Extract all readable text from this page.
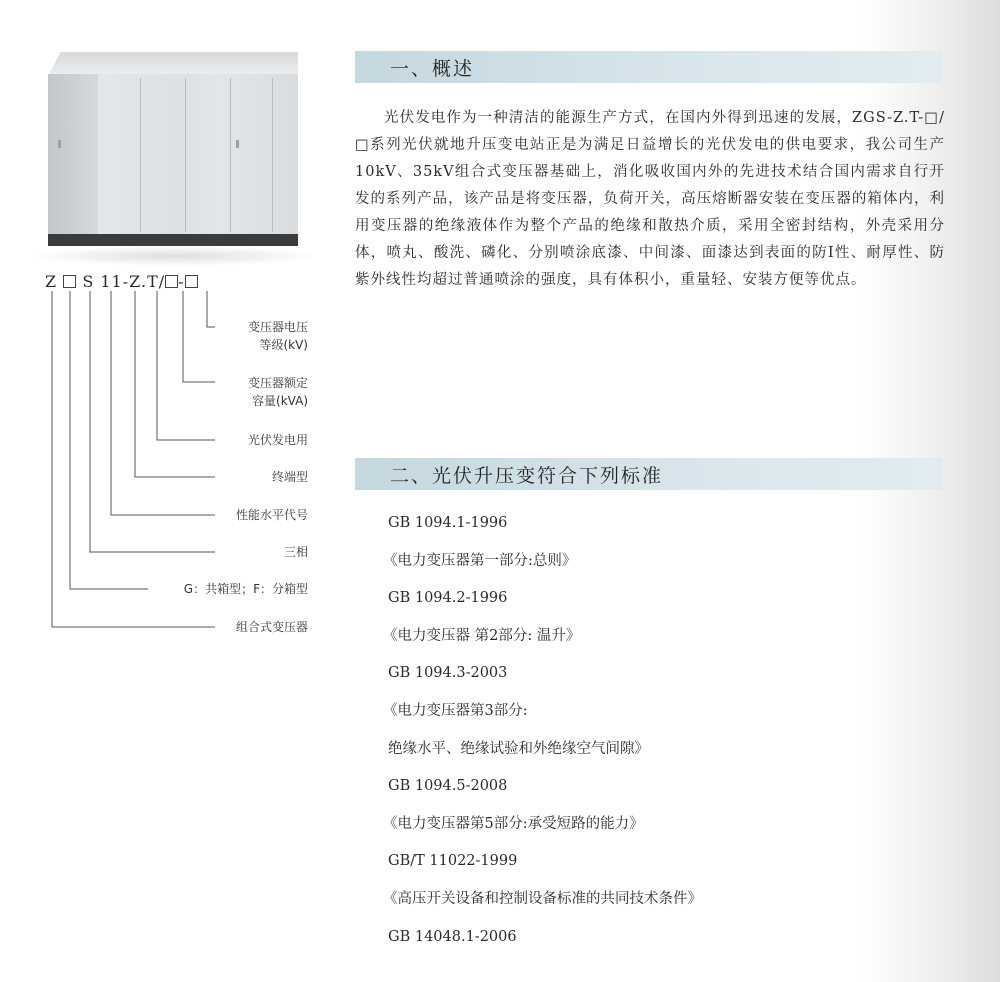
Z S 11-Z.T/ -
变压器电压
等级(kV)
变压器额定
容量(kVA)
光伏发电用
终端型
性能水平代号
三相
G：共箱型；F：分箱型
组合式变压器
一、概述

光伏发电作为一种清洁的能源生产方式，在国内外得到迅速的发展，ZGS-Z.T-□/□系列光伏就地升压变电站正是为满足日益增长的光伏发电的供电要求，我公司生产10kV、35kV组合式变压器基础上，消化吸收国内外的先进技术结合国内需求自行开发的系列产品，该产品是将变压器，负荷开关，高压熔断器安装在变压器的箱体内，利用变压器的绝缘液体作为整个产品的绝缘和散热介质，采用全密封结构，外壳采用分体，喷丸、酸洗、磷化、分别喷涂底漆、中间漆、面漆达到表面的防I性、耐厚性、防紫外线性均超过普通喷涂的强度，具有体积小，重量轻、安装方便等优点。

二、光伏升压变符合下列标准
GB 1094.1-1996
《电力变压器第一部分:总则》
GB 1094.2-1996
《电力变压器 第2部分: 温升》
GB 1094.3-2003
《电力变压器第3部分:
绝缘水平、绝缘试验和外绝缘空气间隙》
GB 1094.5-2008
《电力变压器第5部分:承受短路的能力》
GB/T 11022-1999
《高压开关设备和控制设备标准的共同技术条件》
GB 14048.1-2006
